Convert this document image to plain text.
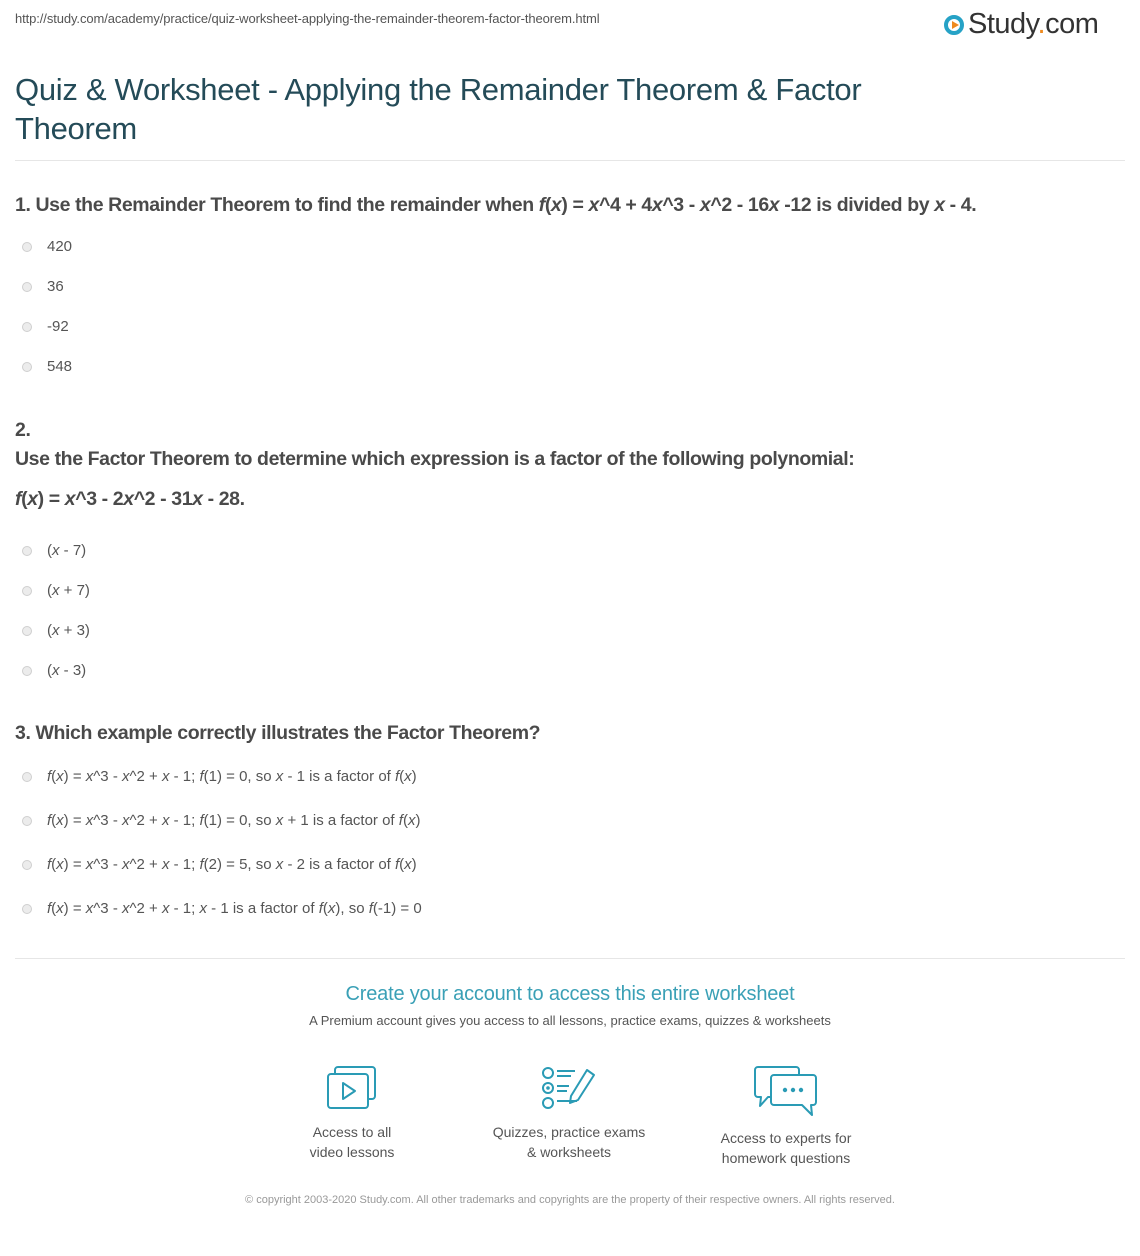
http://study.com/academy/practice/quiz-worksheet-applying-the-remainder-theorem-factor-theorem.html	Study.com
Quiz & Worksheet - Applying the Remainder Theorem & Factor Theorem
1. Use the Remainder Theorem to find the remainder when f(x) = x^4 + 4x^3 - x^2 - 16x -12 is divided by x - 4.
420
36
-92
548
2.
Use the Factor Theorem to determine which expression is a factor of the following polynomial:
f(x) = x^3 - 2x^2 - 31x - 28.
(x - 7)
(x + 7)
(x + 3)
(x - 3)
3. Which example correctly illustrates the Factor Theorem?
f(x) = x^3 - x^2 + x - 1; f(1) = 0, so x - 1 is a factor of f(x)
f(x) = x^3 - x^2 + x - 1; f(1) = 0, so x + 1 is a factor of f(x)
f(x) = x^3 - x^2 + x - 1; f(2) = 5, so x - 2 is a factor of f(x)
f(x) = x^3 - x^2 + x - 1; x - 1 is a factor of f(x), so f(-1) = 0
Create your account to access this entire worksheet
A Premium account gives you access to all lessons, practice exams, quizzes & worksheets
Access to all
video lessons
Quizzes, practice exams
& worksheets
Access to experts for
homework questions
© copyright 2003-2020 Study.com. All other trademarks and copyrights are the property of their respective owners. All rights reserved.
